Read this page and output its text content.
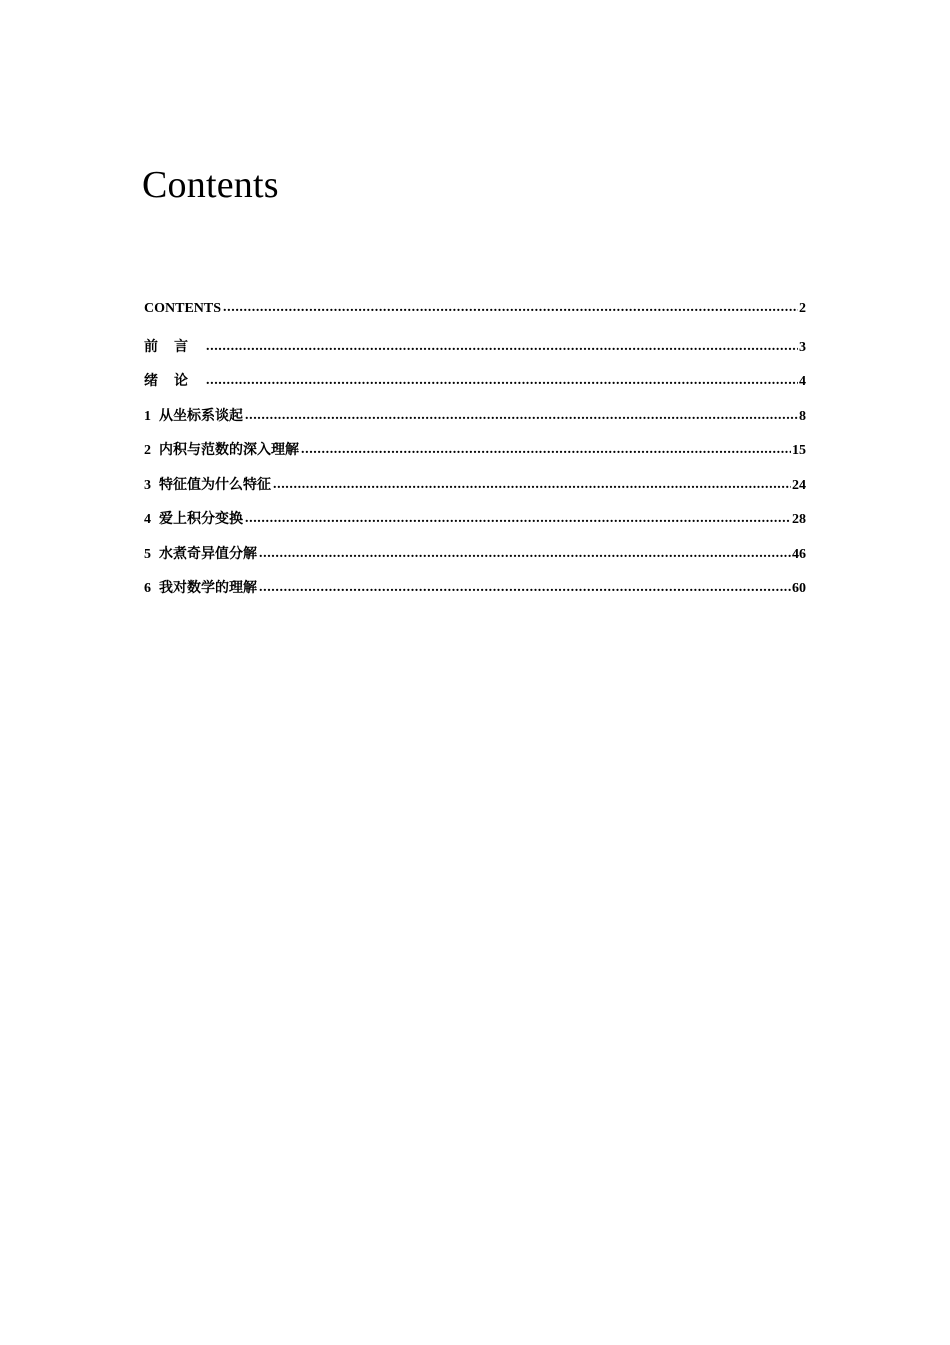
Contents
CONTENTS .....	2
前言 .....	3
绪论 .....	4
1 从坐标系谈起 .....	8
2 内积与范数的深入理解 .....	15
3 特征值为什么特征 .....	24
4 爱上积分变换 .....	28
5 水煮奇异值分解 .....	46
6 我对数学的理解 .....	60
